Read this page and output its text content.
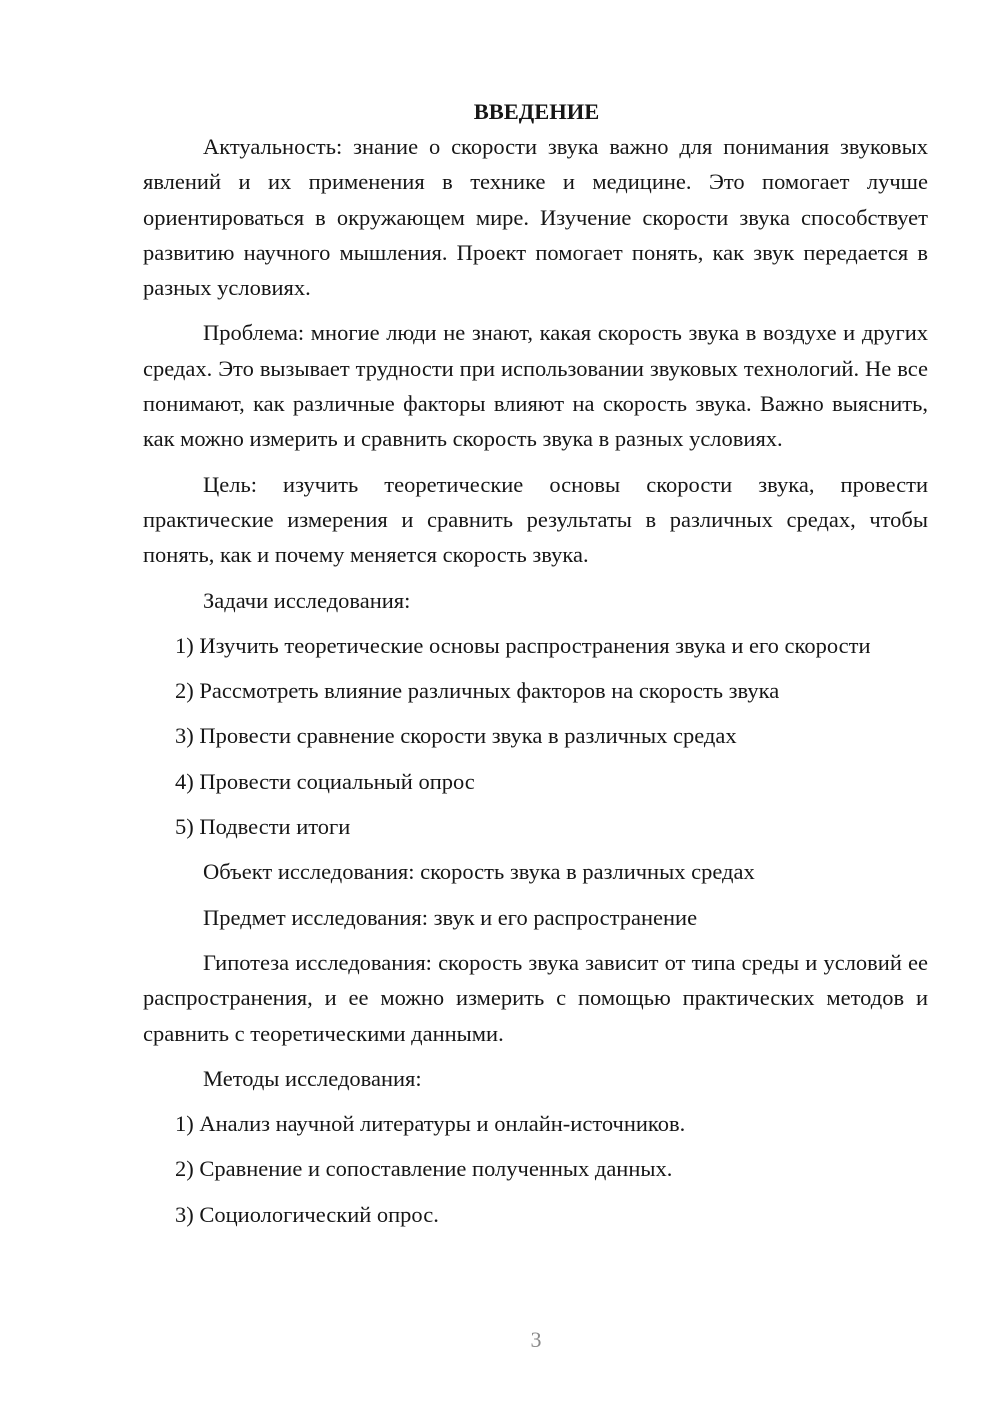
ВВЕДЕНИЕ

Актуальность: знание о скорости звука важно для понимания звуковых явлений и их применения в технике и медицине. Это помогает лучше ориентироваться в окружающем мире. Изучение скорости звука способствует развитию научного мышления. Проект помогает понять, как звук передается в разных условиях.

Проблема: многие люди не знают, какая скорость звука в воздухе и других средах. Это вызывает трудности при использовании звуковых технологий. Не все понимают, как различные факторы влияют на скорость звука. Важно выяснить, как можно измерить и сравнить скорость звука в разных условиях.

Цель: изучить теоретические основы скорости звука, провести практические измерения и сравнить результаты в различных средах, чтобы понять, как и почему меняется скорость звука.

Задачи исследования:

1) Изучить теоретические основы распространения звука и его скорости

2) Рассмотреть влияние различных факторов на скорость звука

3) Провести сравнение скорости звука в различных средах

4) Провести социальный опрос

5) Подвести итоги

Объект исследования: скорость звука в различных средах

Предмет исследования: звук и его распространение

Гипотеза исследования: скорость звука зависит от типа среды и условий ее распространения, и ее можно измерить с помощью практических методов и сравнить с теоретическими данными.

Методы исследования:

1) Анализ научной литературы и онлайн-источников.

2) Сравнение и сопоставление полученных данных.

3) Социологический опрос.

3
